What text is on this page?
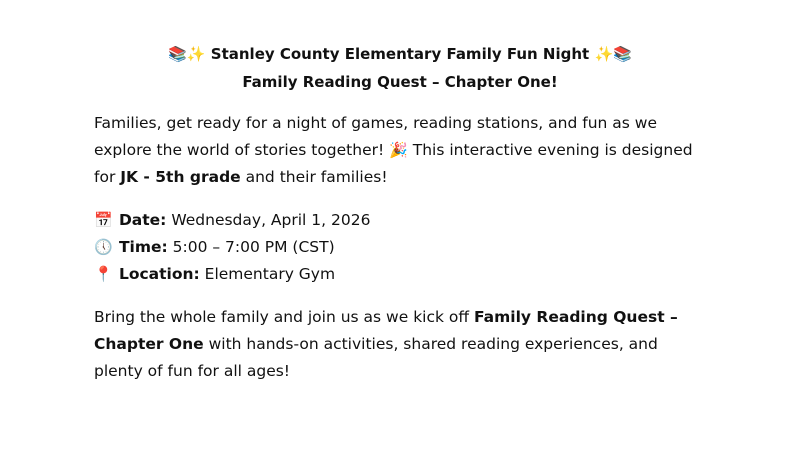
📚✨ Stanley County Elementary Family Fun Night ✨📚
Family Reading Quest – Chapter One!

Families, get ready for a night of games, reading stations, and fun as we explore the world of stories together! 🎉 This interactive evening is designed for JK - 5th grade and their families!

📅 Date: Wednesday, April 1, 2026
🕔 Time: 5:00 – 7:00 PM (CST)
📍 Location: Elementary Gym

Bring the whole family and join us as we kick off Family Reading Quest – Chapter One with hands-on activities, shared reading experiences, and plenty of fun for all ages!
